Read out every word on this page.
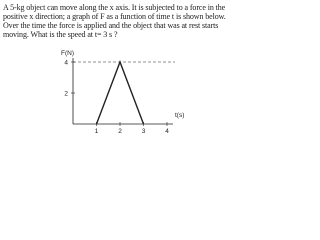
A 5-kg object can move along the x axis. It is subjected to a force in the
positive x direction; a graph of F as a function of time t is shown below.
Over the time the force is applied and the object that was at rest starts
moving. What is the speed at t= 3 s ?
F(N)
t(s)
2
4
1	2	3	4
